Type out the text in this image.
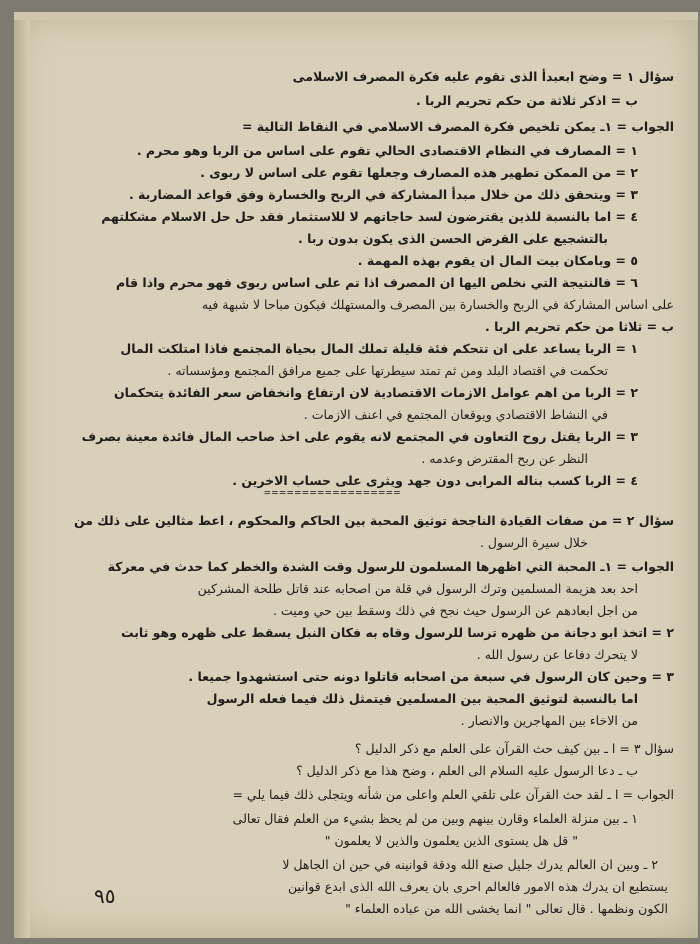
سؤال ١ = وضح ابعبدأ الذى تقوم عليه فكرة المصرف الاسلامى
ب = اذكر ثلاثة من حكم تحريم الربا .
الجواب = ١ـ يمكن تلخيص فكرة المصرف الاسلامي في النقاط التالية =
١ = المصارف في النظام الاقتصادى الحالي تقوم على اساس من الربا وهو محرم .
٢ = من الممكن تطهير هذه المصارف وجعلها تقوم على اساس لا ربوى .
٣ = ويتحقق ذلك من خلال مبدأ المشاركة في الربح والخسارة وفق قواعد المضاربة .
٤ = اما بالنسبة للذين يقترضون لسد حاجاتهم لا للاستثمار فقد حل حل الاسلام مشكلتهم
بالتشجيع على القرض الحسن الذى يكون بدون ربا .
٥ = وبامكان بيت المال ان يقوم بهذه المهمة .
٦ = فالنتيجة التي نخلص اليها ان المصرف اذا تم على اساس ربوى فهو محرم واذا قام
على اساس المشاركة في الربح والخسارة بين المصرف والمستهلك فيكون مباحا لا شبهة فيه
ب = ثلاثا من حكم تحريم الربا .
١ = الربا يساعد على ان تتحكم فئة قليلة تملك المال بحياة المجتمع فاذا امتلكت المال
تحكمت في اقتصاد البلد ومن ثم تمتد سيطرتها على جميع مرافق المجتمع ومؤسساته .
٢ = الربا من اهم عوامل الازمات الاقتصادية لان ارتفاع وانخفاض سعر الفائدة يتحكمان
في النشاط الاقتصادي ويوقعان المجتمع في اعنف الازمات .
٣ = الربا يقتل روح التعاون في المجتمع لانه يقوم على اخذ صاحب المال فائدة معينة بصرف
النظر عن ربح المقترض وعدمه .
٤ = الربا كسب بناله المرابى دون جهد ويثرى على حساب الاخرين .
==================
سؤال ٢ = من صفات القيادة الناجحة توثيق المحبة بين الحاكم والمحكوم ، اعط مثالين على ذلك من
خلال سيرة الرسول .
الجواب = ١ـ المحبة التي اظهرها المسلمون للرسول وقت الشدة والخطر كما حدث في معركة
احد بعد هزيمة المسلمين وترك الرسول في قلة من اصحابه عند قاتل طلحة المشركين
من اجل ابعادهم عن الرسول حيث نجح في ذلك وسقط بين حي وميت .
٢ = اتخذ ابو دجانة من ظهره ترسا للرسول وقاه به فكان النبل يسقط على ظهره وهو ثابت
لا يتحرك دفاعا عن رسول الله .
٣ = وحين كان الرسول في سبعة من اصحابه قاتلوا دونه حتى استشهدوا جميعا .
اما بالنسبة لتوثيق المحبة بين المسلمين فيتمثل ذلك فيما فعله الرسول
من الاخاء بين المهاجرين والانصار .
سؤال ٣ = ا ـ بين كيف حث القرآن على العلم مع ذكر الدليل ؟
ب ـ دعا الرسول عليه السلام الى العلم ، وضح هذا مع ذكر الدليل ؟
الجواب = ا ـ لقد حث القرآن على تلقي العلم واعلى من شأنه ويتجلى ذلك فيما يلي =
١ ـ بين منزلة العلماء وقارن بينهم وبين من لم يحظ بشيء من العلم فقال تعالى
" قل هل يستوى الذين يعلمون والذين لا يعلمون "
٢ ـ وبين ان العالم يدرك جليل صنع الله ودقة قوانينه في حين ان الجاهل لا
يستطيع ان يدرك هذه الامور فالعالم احرى بان يعرف الله الذى ابدع قوانين
الكون ونظمها . قال تعالى " انما يخشى الله من عباده العلماء "
٩٥
